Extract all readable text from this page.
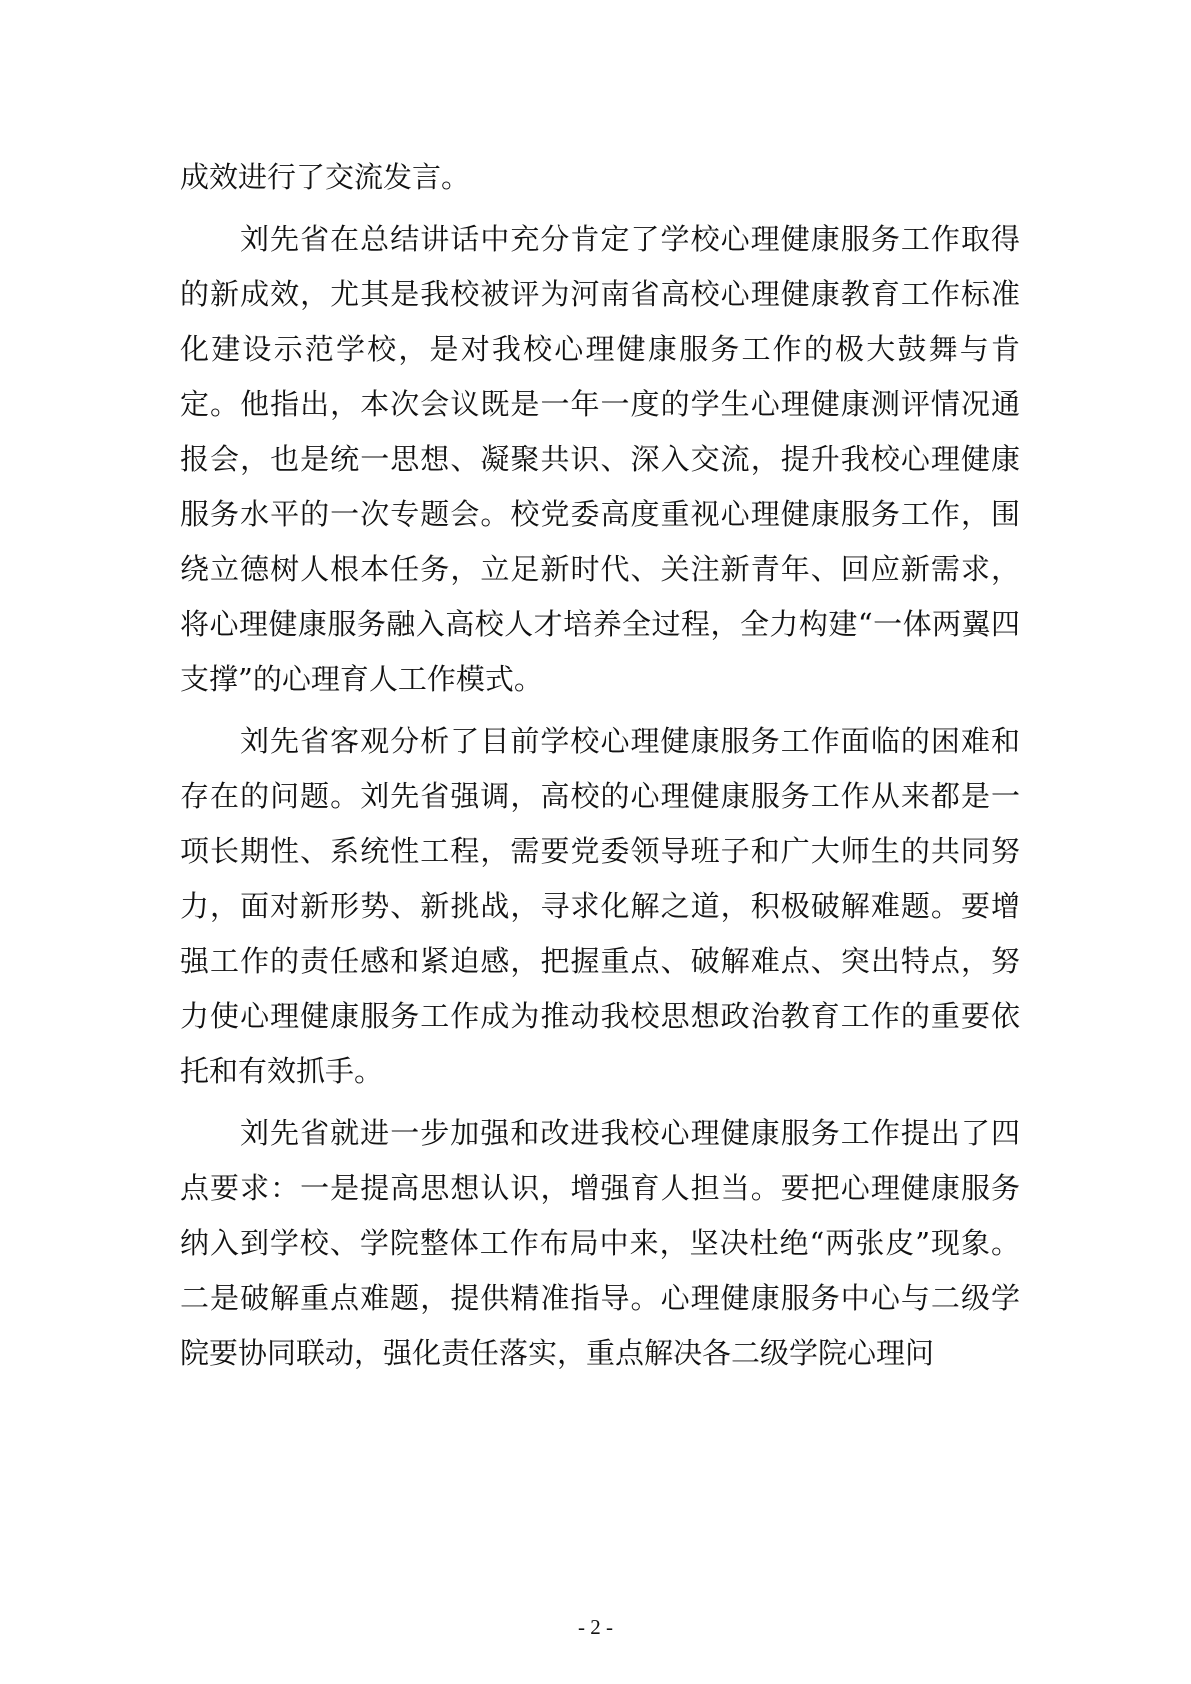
成效进行了交流发言。

刘先省在总结讲话中充分肯定了学校心理健康服务工作取得的新成效，尤其是我校被评为河南省高校心理健康教育工作标准化建设示范学校，是对我校心理健康服务工作的极大鼓舞与肯定。他指出，本次会议既是一年一度的学生心理健康测评情况通报会，也是统一思想、凝聚共识、深入交流，提升我校心理健康服务水平的一次专题会。校党委高度重视心理健康服务工作，围绕立德树人根本任务，立足新时代、关注新青年、回应新需求，将心理健康服务融入高校人才培养全过程，全力构建“一体两翼四支撑”的心理育人工作模式。

刘先省客观分析了目前学校心理健康服务工作面临的困难和存在的问题。刘先省强调，高校的心理健康服务工作从来都是一项长期性、系统性工程，需要党委领导班子和广大师生的共同努力，面对新形势、新挑战，寻求化解之道，积极破解难题。要增强工作的责任感和紧迫感，把握重点、破解难点、突出特点，努力使心理健康服务工作成为推动我校思想政治教育工作的重要依托和有效抓手。

刘先省就进一步加强和改进我校心理健康服务工作提出了四点要求：一是提高思想认识，增强育人担当。要把心理健康服务纳入到学校、学院整体工作布局中来，坚决杜绝“两张皮”现象。二是破解重点难题，提供精准指导。心理健康服务中心与二级学院要协同联动，强化责任落实，重点解决各二级学院心理问

- 2 -
